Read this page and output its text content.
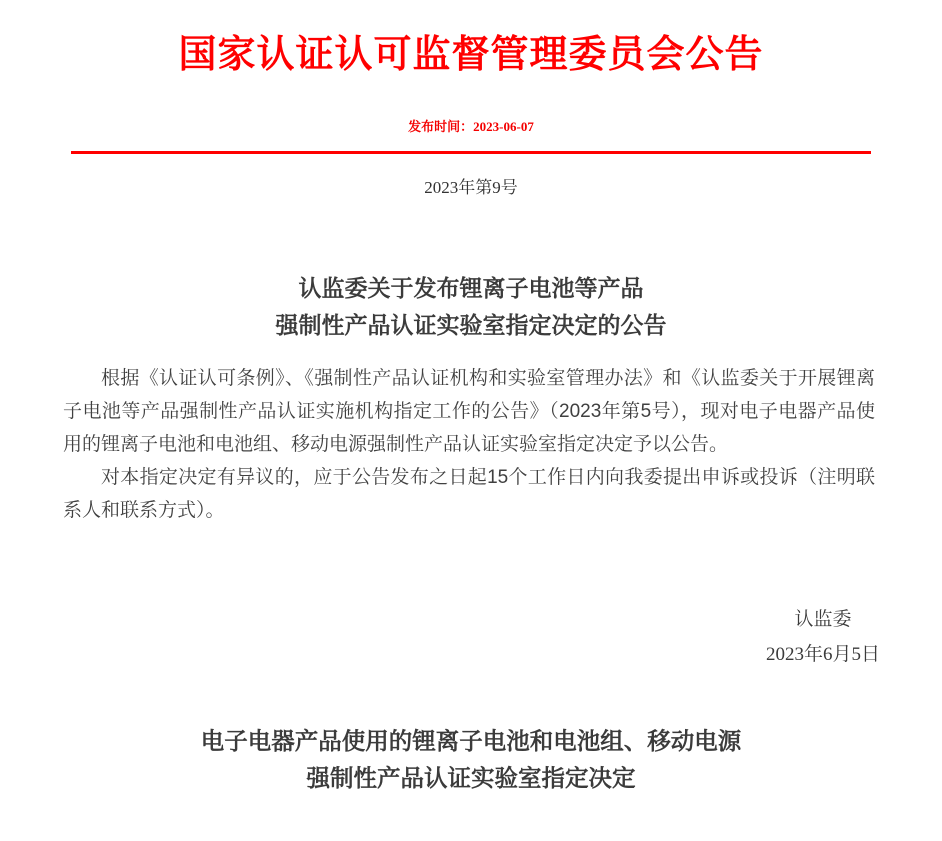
国家认证认可监督管理委员会公告
发布时间：2023-06-07
2023年第9号
认监委关于发布锂离子电池等产品
强制性产品认证实验室指定决定的公告

根据《认证认可条例》、《强制性产品认证机构和实验室管理办法》和《认监委关于开展锂离子电池等产品强制性产品认证实施机构指定工作的公告》（2023年第5号），现对电子电器产品使用的锂离子电池和电池组、移动电源强制性产品认证实验室指定决定予以公告。

对本指定决定有异议的，应于公告发布之日起15个工作日内向我委提出申诉或投诉（注明联系人和联系方式）。

认监委
2023年6月5日
电子电器产品使用的锂离子电池和电池组、移动电源
强制性产品认证实验室指定决定
